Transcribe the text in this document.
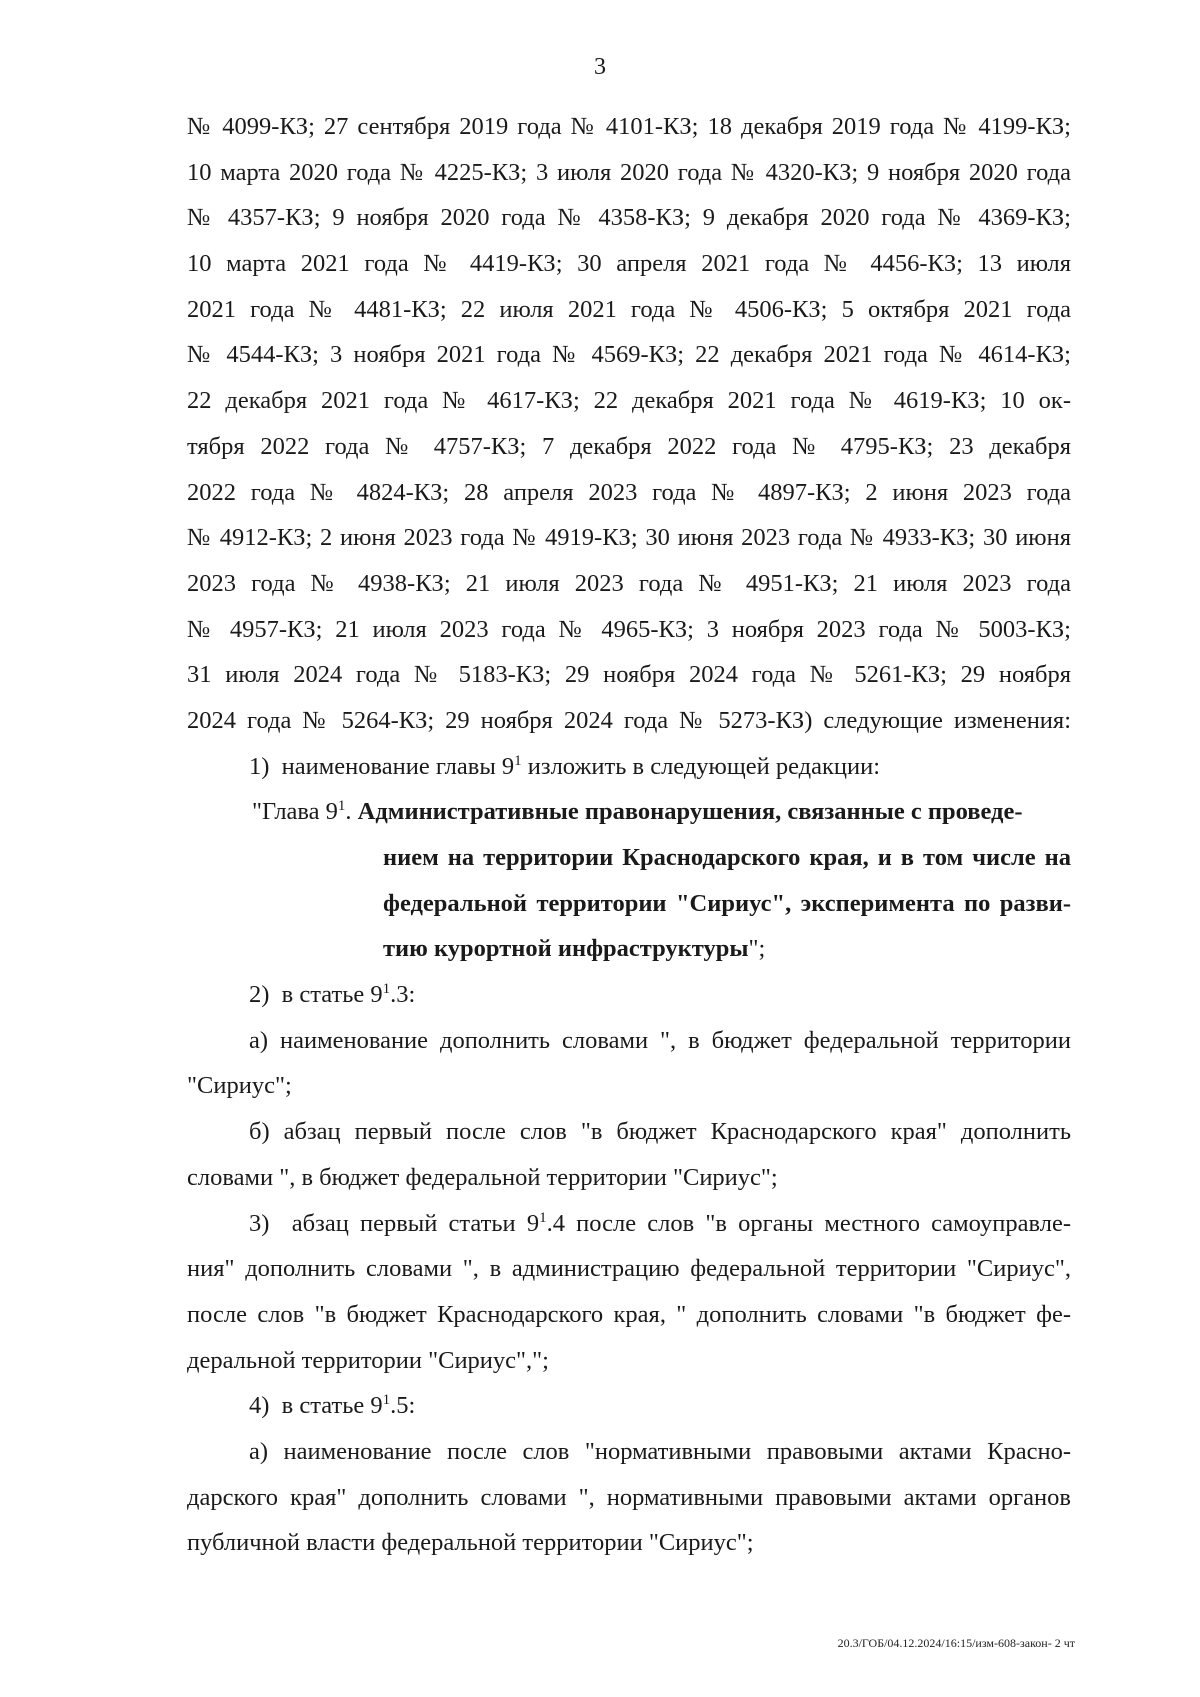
3
№ 4099-КЗ; 27 сентября 2019 года № 4101-КЗ; 18 декабря 2019 года № 4199-КЗ;
10 марта 2020 года № 4225-КЗ; 3 июля 2020 года № 4320-КЗ; 9 ноября 2020 года
№ 4357-КЗ; 9 ноября 2020 года № 4358-КЗ; 9 декабря 2020 года № 4369-КЗ;
10 марта 2021 года № 4419-КЗ; 30 апреля 2021 года № 4456-КЗ; 13 июля
2021 года № 4481-КЗ; 22 июля 2021 года № 4506-КЗ; 5 октября 2021 года
№ 4544-КЗ; 3 ноября 2021 года № 4569-КЗ; 22 декабря 2021 года № 4614-КЗ;
22 декабря 2021 года № 4617-КЗ; 22 декабря 2021 года № 4619-КЗ; 10 ок-
тября 2022 года № 4757-КЗ; 7 декабря 2022 года № 4795-КЗ; 23 декабря
2022 года № 4824-КЗ; 28 апреля 2023 года № 4897-КЗ; 2 июня 2023 года
№ 4912-КЗ; 2 июня 2023 года № 4919-КЗ; 30 июня 2023 года № 4933-КЗ; 30 июня
2023 года № 4938-КЗ; 21 июля 2023 года № 4951-КЗ; 21 июля 2023 года
№ 4957-КЗ; 21 июля 2023 года № 4965-КЗ; 3 ноября 2023 года № 5003-КЗ;
31 июля 2024 года № 5183-КЗ; 29 ноября 2024 года № 5261-КЗ; 29 ноября
2024 года № 5264-КЗ; 29 ноября 2024 года № 5273-КЗ) следующие изменения:
1) наименование главы $9^1$ изложить в следующей редакции:
"Глава $9^1$. Административные правонарушения, связанные с проведе-
нием на территории Краснодарского края, и в том числе на
федеральной территории "Сириус", эксперимента по разви-
тию курортной инфраструктуры";
2) в статье $9^1.3$:
а) наименование дополнить словами ", в бюджет федеральной территории
"Сириус";
б) абзац первый после слов "в бюджет Краснодарского края" дополнить
словами ", в бюджет федеральной территории "Сириус";
3) абзац первый статьи $9^1.4$ после слов "в органы местного самоуправле-
ния" дополнить словами ", в администрацию федеральной территории "Сириус",
после слов "в бюджет Краснодарского края, " дополнить словами "в бюджет фе-
деральной территории "Сириус",";
4) в статье $9^1.5$:
а) наименование после слов "нормативными правовыми актами Красно-
дарского края" дополнить словами ", нормативными правовыми актами органов
публичной власти федеральной территории "Сириус";
20.3/ГОБ/04.12.2024/16:15/изм-608-закон- 2 чт
